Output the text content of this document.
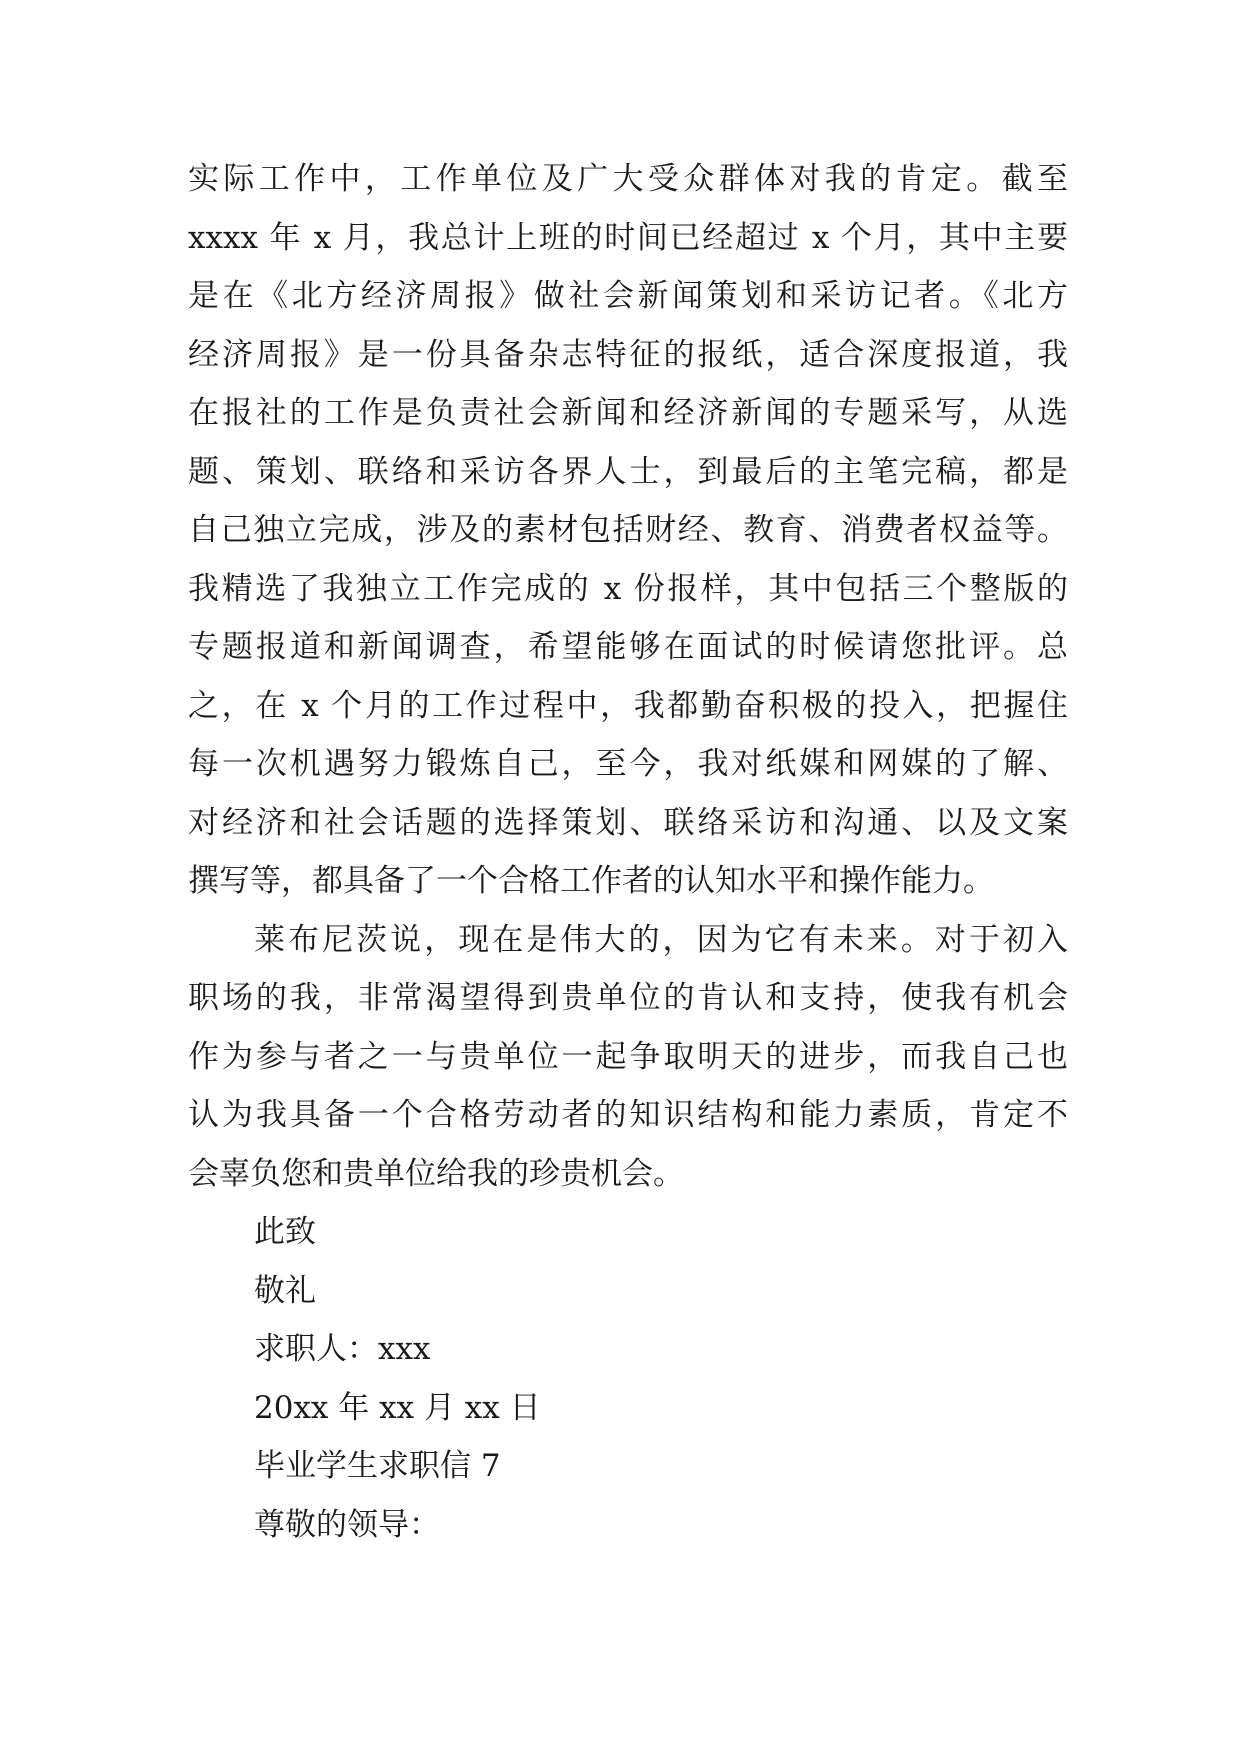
实际工作中，工作单位及广大受众群体对我的肯定。截至
xxxx 年 x 月，我总计上班的时间已经超过 x 个月，其中主要
是在《北方经济周报》做社会新闻策划和采访记者。《北方
经济周报》是一份具备杂志特征的报纸，适合深度报道，我
在报社的工作是负责社会新闻和经济新闻的专题采写，从选
题、策划、联络和采访各界人士，到最后的主笔完稿，都是
自己独立完成，涉及的素材包括财经、教育、消费者权益等。
我精选了我独立工作完成的 x 份报样，其中包括三个整版的
专题报道和新闻调查，希望能够在面试的时候请您批评。总
之，在 x 个月的工作过程中，我都勤奋积极的投入，把握住
每一次机遇努力锻炼自己，至今，我对纸媒和网媒的了解、
对经济和社会话题的选择策划、联络采访和沟通、以及文案
撰写等，都具备了一个合格工作者的认知水平和操作能力。
莱布尼茨说，现在是伟大的，因为它有未来。对于初入
职场的我，非常渴望得到贵单位的肯认和支持，使我有机会
作为参与者之一与贵单位一起争取明天的进步，而我自己也
认为我具备一个合格劳动者的知识结构和能力素质，肯定不
会辜负您和贵单位给我的珍贵机会。
此致
敬礼
求职人：xxx
20xx 年 xx 月 xx 日
毕业学生求职信 7
尊敬的领导：
